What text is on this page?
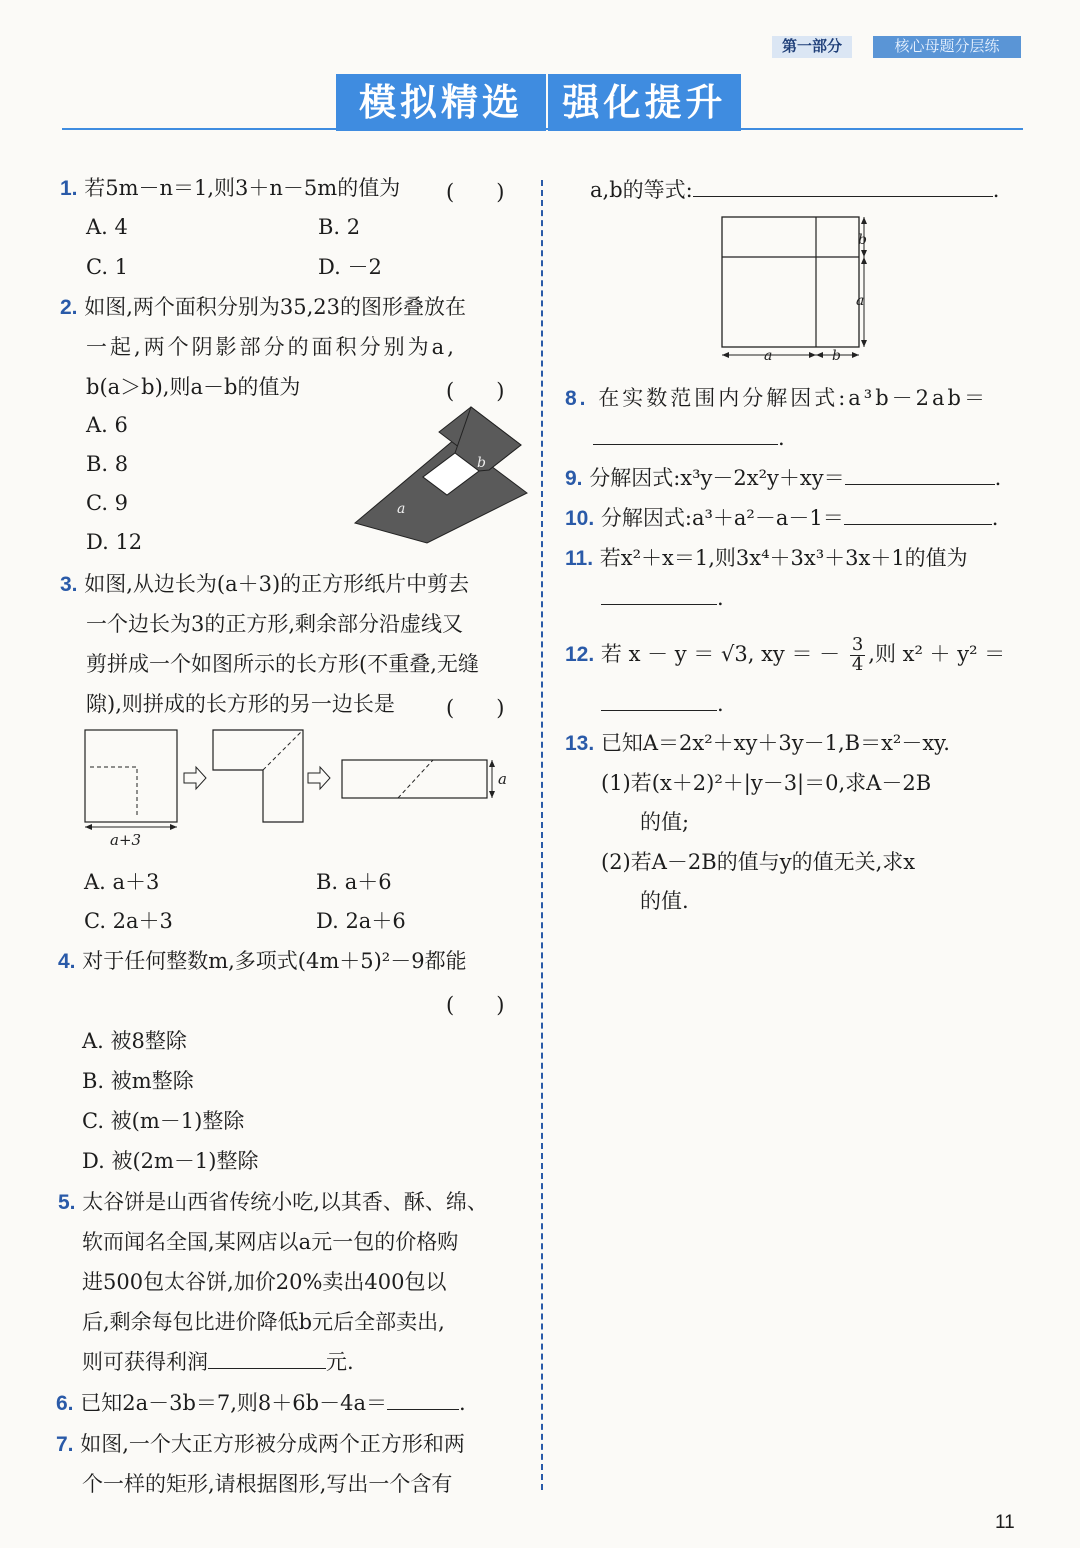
第一部分	核心母题分层练
模拟精选	强化提升
1. 若5m－n＝1,则3＋n－5m的值为 (　　)
A. 4	B. 2
C. 1	D. －2
2. 如图,两个面积分别为35,23的图形叠放在
一起,两个阴影部分的面积分别为a,
b(a＞b),则a－b的值为	(　　)
A. 6
B. 8
C. 9
D. 12
a
b
3. 如图,从边长为(a＋3)的正方形纸片中剪去
一个边长为3的正方形,剩余部分沿虚线又
剪拼成一个如图所示的长方形(不重叠,无缝
隙),则拼成的长方形的另一边长是 (　　)
a+3
a
A. a＋3	B. a＋6
C. 2a＋3	D. 2a＋6
4. 对于任何整数m,多项式(4m＋5)²－9都能
(　　)
A. 被8整除
B. 被m整除
C. 被(m－1)整除
D. 被(2m－1)整除
5. 太谷饼是山西省传统小吃,以其香、酥、绵、
软而闻名全国,某网店以a元一包的价格购
进500包太谷饼,加价20%卖出400包以
后,剩余每包比进价降低b元后全部卖出,
则可获得利润	元.
6. 已知2a－3b＝7,则8＋6b－4a＝	.
7. 如图,一个大正方形被分成两个正方形和两
个一样的矩形,请根据图形,写出一个含有
a,b的等式:	.
b
a
a	b
8. 在实数范围内分解因式:a³b－2ab＝
.
9. 分解因式:x³y－2x²y＋xy＝	.
10. 分解因式:a³＋a²－a－1＝	.
11. 若x²＋x＝1,则3x⁴＋3x³＋3x＋1的值为
.
12. 若 x － y ＝ √3, xy ＝ － $\frac{3}{4}$ ,则 x² ＋ y² ＝
.
13. 已知A＝2x²＋xy＋3y－1,B＝x²－xy.
(1)若(x＋2)²＋|y－3|＝0,求A－2B
的值;
(2)若A－2B的值与y的值无关,求x
的值.
11
